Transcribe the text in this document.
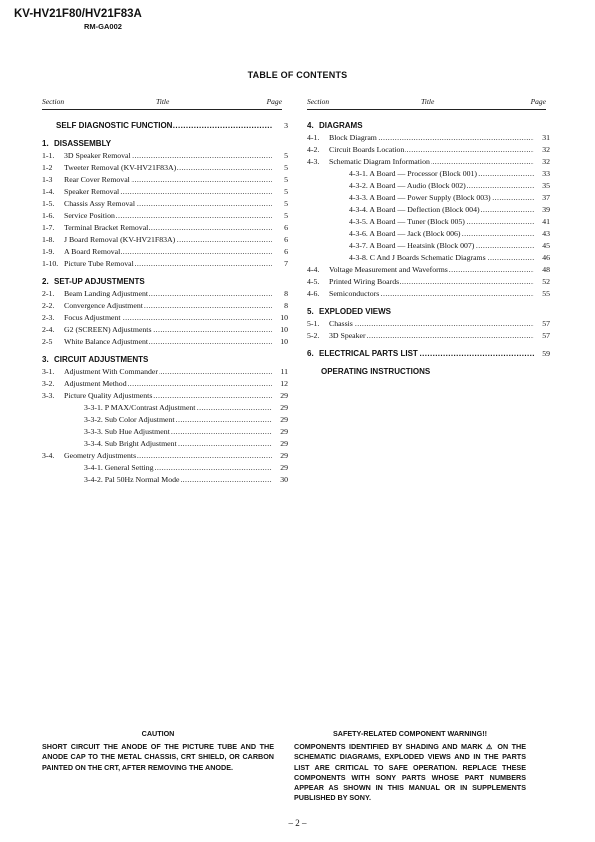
KV-HV21F80/HV21F83A
RM-GA002
TABLE OF CONTENTS
Section	Title	Page	Section	Title	Page
.....
SELF DIAGNOSTIC FUNCTION	3
1. DISASSEMBLY
.....
1-1. 3D Speaker Removal	5
.....
1-2 Tweeter Removal (KV-HV21F83A)	5
.....
1-3 Rear Cover Removal	5
.....
1-4. Speaker Removal	5
.....
1-5. Chassis Assy Removal	5
.....
1-6. Service Position	5
.....
1-7. Terminal Bracket Removal	6
.....
1-8. J Board Removal (KV-HV21F83A)	6
.....
1-9. A Board Removal	6
.....
1-10. Picture Tube Removal	7
2. SET-UP ADJUSTMENTS
.....
2-1. Beam Landing Adjustment	8
.....
2-2. Convergence Adjustment	8
.....
2-3. Focus Adjustment	10
.....
2-4. G2 (SCREEN) Adjustments	10
.....
2-5 White Balance Adjustment	10
3. CIRCUIT ADJUSTMENTS
.....
3-1. Adjustment With Commander	11
.....
3-2. Adjustment Method	12
.....
3-3. Picture Quality Adjustments	29
.....
3-3-1. P MAX/Contrast Adjustment	29
.....
3-3-2. Sub Color Adjustment	29
.....
3-3-3. Sub Hue Adjustment	29
.....
3-3-4. Sub Bright Adjustment	29
.....
3-4. Geometry Adjustments	29
.....
3-4-1. General Setting	29
.....
3-4-2. Pal 50Hz Normal Mode	30
4. DIAGRAMS
.....
4-1. Block Diagram	31
.....
4-2. Circuit Boards Location	32
.....
4-3. Schematic Diagram Information	32
.....
4-3-1. A Board — Processor (Block 001)	33
.....
4-3-2. A Board — Audio (Block 002)	35
.....
4-3-3. A Board — Power Supply (Block 003)	37
.....
4-3-4. A Board — Deflection (Block 004)	39
.....
4-3-5. A Board — Tuner (Block 005)	41
.....
4-3-6. A Board — Jack (Block 006)	43
.....
4-3-7. A Board — Heatsink (Block 007)	45
.....
4-3-8. C And J Boards Schematic Diagrams	46
.....
4-4. Voltage Measurement and Waveforms	48
.....
4-5. Printed Wiring Boards	52
.....
4-6. Semiconductors	55
5. EXPLODED VIEWS
.....
5-1. Chassis	57
.....
5-2. 3D Speaker	57
.....
6. ELECTRICAL PARTS LIST	59
OPERATING INSTRUCTIONS
CAUTION
SHORT CIRCUIT THE ANODE OF THE PICTURE TUBE AND THE ANODE CAP TO THE METAL CHASSIS, CRT SHIELD, OR CARBON PAINTED ON THE CRT, AFTER REMOVING THE ANODE.
SAFETY-RELATED COMPONENT WARNING!!
COMPONENTS IDENTIFIED BY SHADING AND MARK ⚠ ON THE SCHEMATIC DIAGRAMS, EXPLODED VIEWS AND IN THE PARTS LIST ARE CRITICAL TO SAFE OPERATION. REPLACE THESE COMPONENTS WITH SONY PARTS WHOSE PART NUMBERS APPEAR AS SHOWN IN THIS MANUAL OR IN SUPPLEMENTS PUBLISHED BY SONY.
– 2 –
